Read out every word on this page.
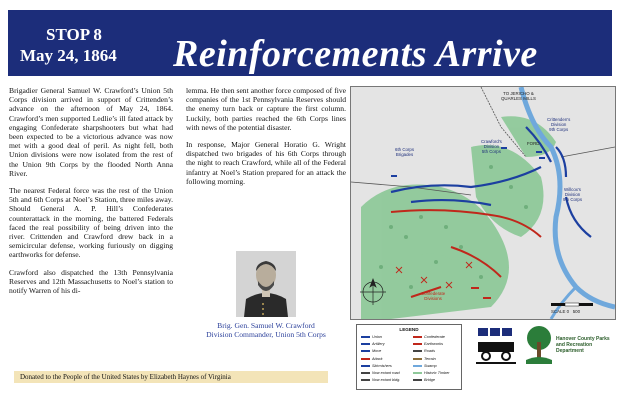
STOP 8
May 24, 1864 Reinforcements Arrive

Brigadier General Samuel W. Crawford’s Union 5th Corps division arrived in support of Crittenden’s advance on the afternoon of May 24, 1864. Crawford’s men supported Ledlie’s ill fated attack by engaging Confederate sharpshooters but what had been expected to be a victorious advance was now met with a good deal of peril. As night fell, both Union divisions were now isolated from the rest of the Union 9th Corps by the flooded North Anna River.

The nearest Federal force was the rest of the Union 5th and 6th Corps at Noel’s Station, three miles away. Should General A. P. Hill’s Confederates counterattack in the morning, the battered Federals faced the real possibility of being driven into the river. Crittenden and Crawford drew back in a semicircular defense, working furiously on digging earthworks for defense.

Crawford also dispatched the 13th Pennsylvania Reserves and 12th Massachusetts to Noel’s station to notify Warren of his di-

lemma. He then sent another force composed of five companies of the 1st Pennsylvania Reserves should the enemy turn back or capture the first column. Luckily, both parties reached the 6th Corps lines with news of the potential disaster.

In response, Major General Horatio G. Wright dispatched two brigades of his 6th Corps through the night to reach Crawford, while all of the Federal infantry at Noel’s Station prepared for an attack the following morning.

Brig. Gen. Samuel W. Crawford
Division Commander, Union 5th Corps
TO JERICHO &
QUARLES MILLS
Crittenden's
Division
9th Corps
Crawford's
Division
5th Corps
FORD
6th Corps
Brigades
Willcox's
Division
9th Corps
Confederate
Divisions
SCALE 0   500
LEGEND
Union	Confederate
Artillery	Earthworks
Move	Roads
Attack	Terrain
Skirmishers	Swamp
Now extant road	Historic Timber
Now extant bldg.	Bridge
Hanover County Parks and Recreation Department
Donated to the People of the United States by Elizabeth Haynes of Virginia
